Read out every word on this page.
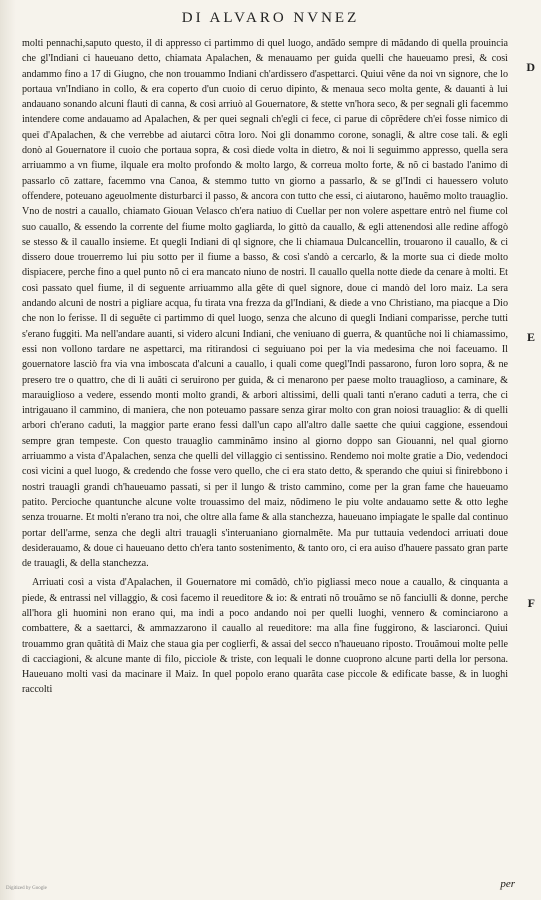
DI ALVARO NVNEZ

molti pennachi,saputo questo, il di appresso ci partimmo di quel luogo, andãdo sempre di mãdando di quella prouincia che gl'Indiani ci haueuano detto, chiamata Apalachen, & menauamo per guida quelli che haueuamo presi, & così andammo fino a 17 di Giugno, che non trouammo Indiani ch'ardissero d'aspettarci. Quiui vẽne da noi vn signore, che lo portaua vn'Indiano in collo, & era coperto d'un cuoio di ceruo dipinto, & menaua seco molta gente, & dauanti à lui andauano sonando alcuni flauti di canna, & così arriuò al Gouernatore, & stette vn'hora seco, & per segnali gli facemmo intendere come andauamo ad Apalachen, & per quei segnali ch'egli ci fece, ci parue di cõprẽdere ch'ei fosse nimico di quei d'Apalachen, & che verrebbe ad aiutarci cõtra loro. Noi gli donammo corone, sonagli, & altre cose tali. & egli donò al Gouernatore il cuoio che portaua sopra, & così diede volta in dietro, & noi li seguimmo appresso, quella sera arriuammo a vn fiume, ilquale era molto profondo & molto largo, & correua molto forte, & nõ ci bastado l'animo di passarlo cõ zattare, facemmo vna Canoa, & stemmo tutto vn giorno a passarlo, & se gl'Indi ci hauessero voluto offendere, poteuano ageuolmente disturbarci il passo, & ancora con tutto che essi, ci aiutarono, hauẽmo molto trauaglio. Vno de nostri a cauallo, chiamato Giouan Velasco ch'era natiuo di Cuellar per non volere aspettare entrò nel fiume col suo cauallo, & essendo la corrente del fiume molto gagliarda, lo gittò da cauallo, & egli attenendosi alle redine affogò se stesso & il cauallo insieme. Et quegli Indiani di ql signore, che li chiamaua Dulcancellin, trouarono il cauallo, & ci dissero doue trouerremo lui piu sotto per il fiume a basso, & così s'andò a cercarlo, & la morte sua ci diede molto dispiacere, perche fino a quel punto nõ ci era mancato niuno de nostri. Il cauallo quella notte diede da cenare à molti. Et così passato quel fiume, il di seguente arriuammo alla gẽte di quel signore, doue ci mandò del loro maiz. La sera andando alcuni de nostri a pigliare acqua, fu tirata vna frezza da gl'Indiani, & diede a vno Christiano, ma piacque a Dio che non lo ferisse. Il di seguẽte ci partimmo di quel luogo, senza che alcuno di quegli Indiani comparisse, perche tutti s'erano fuggiti. Ma nell'andare auanti, si videro alcuni Indiani, che veniuano di guerra, & quantũche noi li chiamassimo, essi non vollono tardare ne aspettarci, ma ritirandosi ci seguiuano poi per la via medesima che noi faceuamo. Il gouernatore lasciò fra via vna imboscata d'alcuni a cauallo, i quali come quegl'Indi passarono, furon loro sopra, & ne presero tre o quattro, che di li auãti ci seruirono per guida, & ci menarono per paese molto trauaglioso, a caminare, & marauiglioso a vedere, essendo monti molto grandi, & arbori altissimi, delli quali tanti n'erano caduti a terra, che ci intrigauano il cammino, di maniera, che non poteuamo passare senza girar molto con gran noiosi trauaglio: & di quelli arbori ch'erano caduti, la maggior parte erano fessi dall'un capo all'altro dalle saette che quiui caggione, essendoui sempre gran tempeste. Con questo trauaglio camminãmo insino al giorno doppo san Giouanni, nel qual giorno arriuammo a vista d'Apalachen, senza che quelli del villaggio ci sentissino. Rendemo noi molte gratie a Dio, vedendoci così vicini a quel luogo, & credendo che fosse vero quello, che ci era stato detto, & sperando che quiui si finirebbono i nostri trauagli grandi ch'haueuamo passati, si per il lungo & tristo cammino, come per la gran fame che haueuamo patito. Percioche quantunche alcune volte trouassimo del maiz, nõdimeno le piu volte andauamo sette & otto leghe senza trouarne. Et molti n'erano tra noi, che oltre alla fame & alla stanchezza, haueuano impiagate le spalle dal continuo portar dell'arme, senza che degli altri trauagli s'interuaniano giornalmẽte. Ma pur tuttauia vedendoci arriuati doue desiderauamo, & doue ci haueuano detto ch'era tanto sostenimento, & tanto oro, ci era auiso d'hauere passato gran parte de trauagli, & della stanchezza.

Arriuati così a vista d'Apalachen, il Gouernatore mi comãdò, ch'io pigliassi meco noue a cauallo, & cinquanta a piede, & entrassi nel villaggio, & così facemo il reueditore & io: & entrati nõ trouãmo se nõ fanciulli & donne, perche all'hora gli huomini non erano qui, ma indi a poco andando noi per quelli luoghi, vennero & cominciarono a combattere, & a saettarci, & ammazzarono il cauallo al reueditore: ma alla fine fuggirono, & lasciaronci. Quiui trouammo gran quãtità di Maiz che staua gia per coglierfi, & assai del secco n'haueuano riposto. Trouãmoui molte pelle di cacciagioni, & alcune mante di filo, picciole & triste, con lequali le donne cuoprono alcune parti della lor persona. Haueuano molti vasi da macinare il Maiz. In quel popolo erano quarãta case piccole & edificate basse, & in luoghi raccolti

D
E
F
per
Digitized by Google
